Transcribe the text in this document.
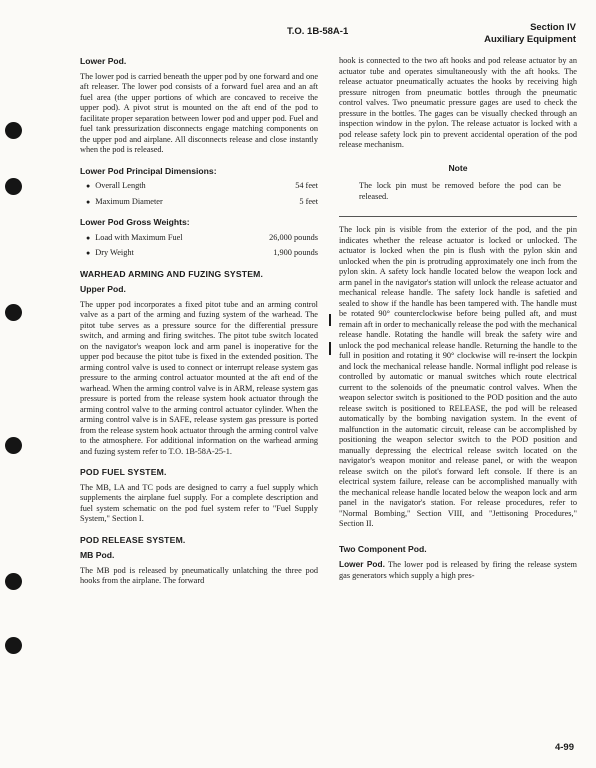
T.O. 1B-58A-1	Section IV
Auxiliary Equipment
Lower Pod.

The lower pod is carried beneath the upper pod by one forward and one aft releaser. The lower pod consists of a forward fuel area and an aft fuel area (the upper portions of which are concaved to receive the upper pod). A pivot strut is mounted on the aft end of the pod to facilitate proper separation between lower pod and upper pod. Fuel and fuel tank pressurization disconnects engage matching components on the upper pod and airplane. All disconnects release and close instantly when the pod is released.

Lower Pod Principal Dimensions:
● Overall Length	54 feet
● Maximum Diameter	5 feet
Lower Pod Gross Weights:
● Load with Maximum Fuel	26,000 pounds
● Dry Weight	1,900 pounds
WARHEAD ARMING AND FUZING SYSTEM.
Upper Pod.

The upper pod incorporates a fixed pitot tube and an arming control valve as a part of the arming and fuzing system of the warhead. The pitot tube serves as a pressure source for the differential pressure switch, and arming and firing switches. The pitot tube switch located on the navigator's weapon lock and arm panel is inoperative for the upper pod because the pitot tube is fixed in the extended position. The arming control valve is used to connect or interrupt release system gas pressure to the arming control actuator mounted at the aft end of the warhead. When the arming control valve is in ARM, release system gas pressure is ported from the release system hook actuator through the arming control valve to the arming control actuator cylinder. When the arming control valve is in SAFE, release system gas pressure is ported from the release system hook actuator through the arming control valve to the atmosphere. For additional information on the warhead arming and fuzing system refer to T.O. 1B-58A-25-1.

POD FUEL SYSTEM.

The MB, LA and TC pods are designed to carry a fuel supply which supplements the airplane fuel supply. For a complete description and fuel system schematic on the pod fuel system refer to "Fuel Supply System," Section I.

POD RELEASE SYSTEM.
MB Pod.

The MB pod is released by pneumatically unlatching the three pod hooks from the airplane. The forward

hook is connected to the two aft hooks and pod release actuator by an actuator tube and operates simultaneously with the aft hooks. The release actuator pneumatically actuates the hooks by receiving high pressure nitrogen from pneumatic bottles through the pneumatic control valves. Two pneumatic pressure gages are used to check the pressure in the bottles. The gages can be visually checked through an inspection window in the pylon. The release actuator is locked with a pod release safety lock pin to prevent accidental operation of the pod release mechanism.

Note

The lock pin must be removed before the pod can be released.

The lock pin is visible from the exterior of the pod, and the pin indicates whether the release actuator is locked or unlocked. The actuator is locked when the pin is flush with the pylon skin and unlocked when the pin is protruding approximately one inch from the pylon skin. A safety lock handle located below the weapon lock and arm panel in the navigator's station will unlock the release actuator and mechanical release handle. The safety lock handle is safetied and sealed to show if the handle has been tampered with. The handle must be rotated 90° counterclockwise before being pulled aft, and must remain aft in order to mechanically release the pod with the mechanical release handle. Rotating the handle will break the safety wire and unlock the pod mechanical release handle. Returning the handle to the full in position and rotating it 90° clockwise will re-insert the lockpin and lock the mechanical release handle. Normal inflight pod release is controlled by automatic or manual switches which route electrical current to the solenoids of the pneumatic control valves. When the weapon selector switch is positioned to the POD position and the auto release switch is positioned to RELEASE, the pod will be released automatically by the bombing navigation system. In the event of malfunction in the automatic circuit, release can be accomplished by positioning the weapon selector switch to the POD position and manually depressing the electrical release switch located on the navigator's weapon monitor and release panel, or with the weapon release switch on the pilot's forward left console. If there is an electrical system failure, release can be accomplished manually with the mechanical release handle located below the weapon lock and arm panel in the navigator's station. For release procedures, refer to "Normal Bombing," Section VIII, and "Jettisoning Procedures," Section II.

Two Component Pod.

Lower Pod. The lower pod is released by firing the release system gas generators which supply a high pres-

4-99
